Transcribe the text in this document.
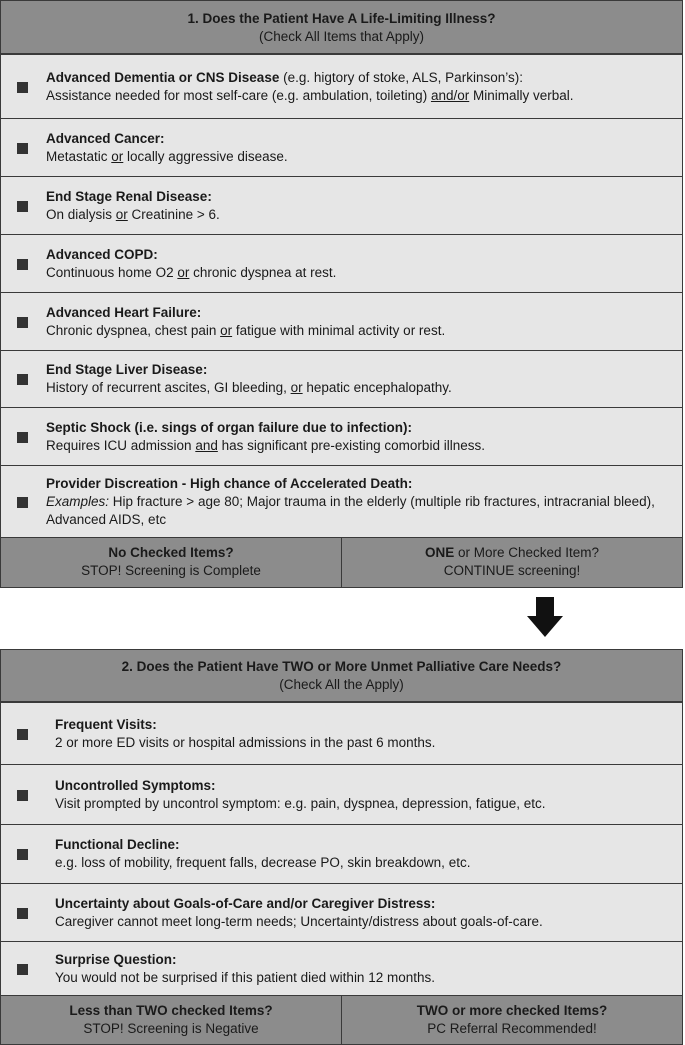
1. Does the Patient Have A Life-Limiting Illness?
(Check All Items that Apply)
Advanced Dementia or CNS Disease (e.g. higtory of stoke, ALS, Parkinson’s):
Assistance needed for most self-care (e.g. ambulation, toileting) and/or Minimally verbal.
Advanced Cancer:
Metastatic or locally aggressive disease.
End Stage Renal Disease:
On dialysis or Creatinine > 6.
Advanced COPD:
Continuous home O2 or chronic dyspnea at rest.
Advanced Heart Failure:
Chronic dyspnea, chest pain or fatigue with minimal activity or rest.
End Stage Liver Disease:
History of recurrent ascites, GI bleeding, or hepatic encephalopathy.
Septic Shock (i.e. sings of organ failure due to infection):
Requires ICU admission and has significant pre-existing comorbid illness.
Provider Discreation - High chance of Accelerated Death:
Examples: Hip fracture > age 80; Major trauma in the elderly (multiple rib fractures, intracranial bleed), Advanced AIDS, etc
No Checked Items?
STOP! Screening is Complete
ONE or More Checked Item?
CONTINUE screening!
2. Does the Patient Have TWO or More Unmet Palliative Care Needs?
(Check All the Apply)
Frequent Visits:
2 or more ED visits or hospital admissions in the past 6 months.
Uncontrolled Symptoms:
Visit prompted by uncontrol symptom: e.g. pain, dyspnea, depression, fatigue, etc.
Functional Decline:
e.g. loss of mobility, frequent falls, decrease PO, skin breakdown, etc.
Uncertainty about Goals-of-Care and/or Caregiver Distress:
Caregiver cannot meet long-term needs; Uncertainty/distress about goals-of-care.
Surprise Question:
You would not be surprised if this patient died within 12 months.
Less than TWO checked Items?
STOP! Screening is Negative
TWO or more checked Items?
PC Referral Recommended!
